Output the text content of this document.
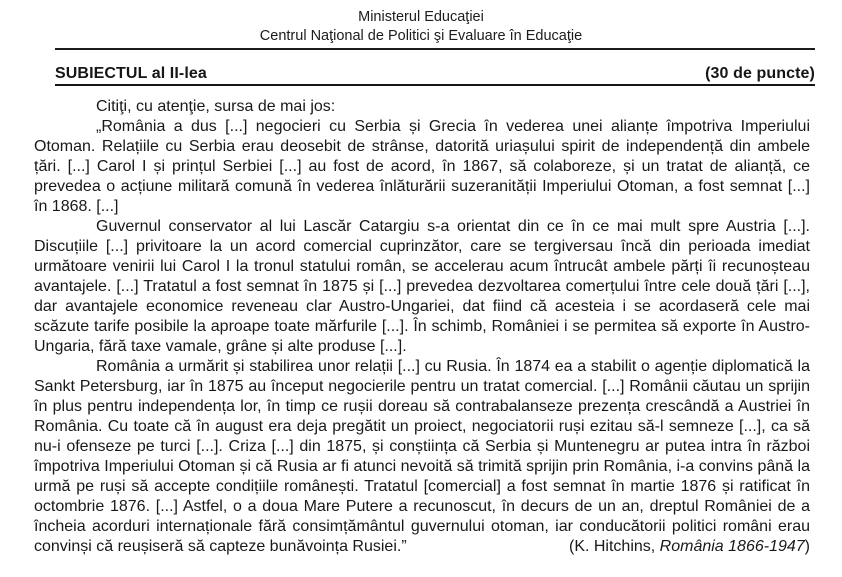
Ministerul Educaţiei
Centrul Naţional de Politici şi Evaluare în Educaţie
SUBIECTUL al II-lea	(30 de puncte)

Citiţi, cu atenţie, sursa de mai jos:

„România a dus [...] negocieri cu Serbia și Grecia în vederea unei alianțe împotriva Imperiului Otoman. Relațiile cu Serbia erau deosebit de strânse, datorită uriașului spirit de independență din ambele țări. [...] Carol I și prințul Serbiei [...] au fost de acord, în 1867, să colaboreze, și un tratat de alianță, ce prevedea o acțiune militară comună în vederea înlăturării suzeranității Imperiului Otoman, a fost semnat [...] în 1868. [...]

Guvernul conservator al lui Lascăr Catargiu s-a orientat din ce în ce mai mult spre Austria [...]. Discuțiile [...] privitoare la un acord comercial cuprinzător, care se tergiversau încă din perioada imediat următoare venirii lui Carol I la tronul statului român, se accelerau acum întrucât ambele părți îi recunoșteau avantajele. [...] Tratatul a fost semnat în 1875 și [...] prevedea dezvoltarea comerțului între cele două țări [...], dar avantajele economice reveneau clar Austro-Ungariei, dat fiind că acesteia i se acordaseră cele mai scăzute tarife posibile la aproape toate mărfurile [...]. În schimb, României i se permitea să exporte în Austro-Ungaria, fără taxe vamale, grâne și alte produse [...].

România a urmărit și stabilirea unor relații [...] cu Rusia. În 1874 ea a stabilit o agenție diplomatică la Sankt Petersburg, iar în 1875 au început negocierile pentru un tratat comercial. [...] Românii căutau un sprijin în plus pentru independența lor, în timp ce rușii doreau să contrabalanseze prezența crescândă a Austriei în România. Cu toate că în august era deja pregătit un proiect, negociatorii ruși ezitau să-l semneze [...], ca să nu-i ofenseze pe turci [...]. Criza [...] din 1875, și conștiința că Serbia și Muntenegru ar putea intra în război împotriva Imperiului Otoman și că Rusia ar fi atunci nevoită să trimită sprijin prin România, i-a convins până la urmă pe ruși să accepte condițiile românești. Tratatul [comercial] a fost semnat în martie 1876 și ratificat în octombrie 1876. [...] Astfel, o a doua Mare Putere a recunoscut, în decurs de un an, dreptul României de a încheia acorduri internaționale fără consimțământul guvernului otoman, iar conducătorii politici români erau convinși că reușiseră să capteze bunăvoința Rusiei.”	(K. Hitchins, România 1866-1947)
